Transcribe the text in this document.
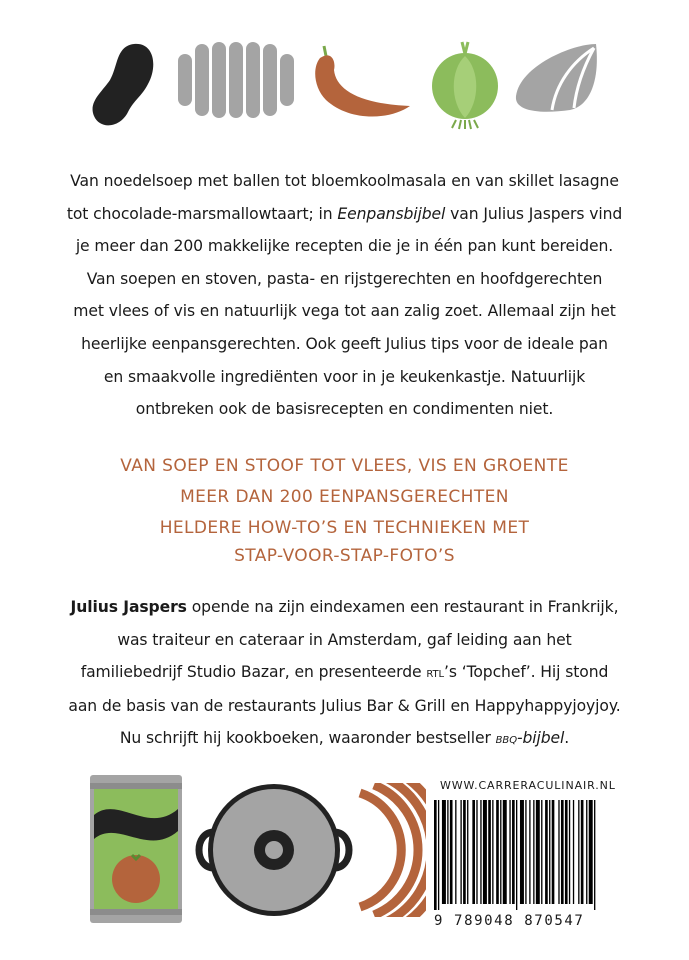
Van noedelsoep met ballen tot bloemkoolmasala en van skillet lasagne

tot chocolade-marsmallowtaart; in Eenpansbijbel van Julius Jaspers vind

je meer dan 200 makkelijke recepten die je in één pan kunt bereiden.

Van soepen en stoven, pasta- en rijstgerechten en hoofdgerechten

met vlees of vis en natuurlijk vega tot aan zalig zoet. Allemaal zijn het

heerlijke eenpansgerechten. Ook geeft Julius tips voor de ideale pan

en smaakvolle ingrediënten voor in je keukenkastje. Natuurlijk

ontbreken ook de basisrecepten en condimenten niet.

VAN SOEP EN STOOF TOT VLEES, VIS EN GROENTE
MEER DAN 200 EENPANSGERECHTEN
HELDERE HOW-TO’S EN TECHNIEKEN MET
STAP-VOOR-STAP-FOTO’S

Julius Jaspers opende na zijn eindexamen een restaurant in Frankrijk,

was traiteur en cateraar in Amsterdam, gaf leiding aan het

familiebedrijf Studio Bazar, en presenteerde rtl’s ‘Topchef’. Hij stond

aan de basis van de restaurants Julius Bar & Grill en Happyhappyjoyjoy.

Nu schrijft hij kookboeken, waaronder bestseller bbq-bijbel.

WWW.CARRERACULINAIR.NL
9 789048 870547
